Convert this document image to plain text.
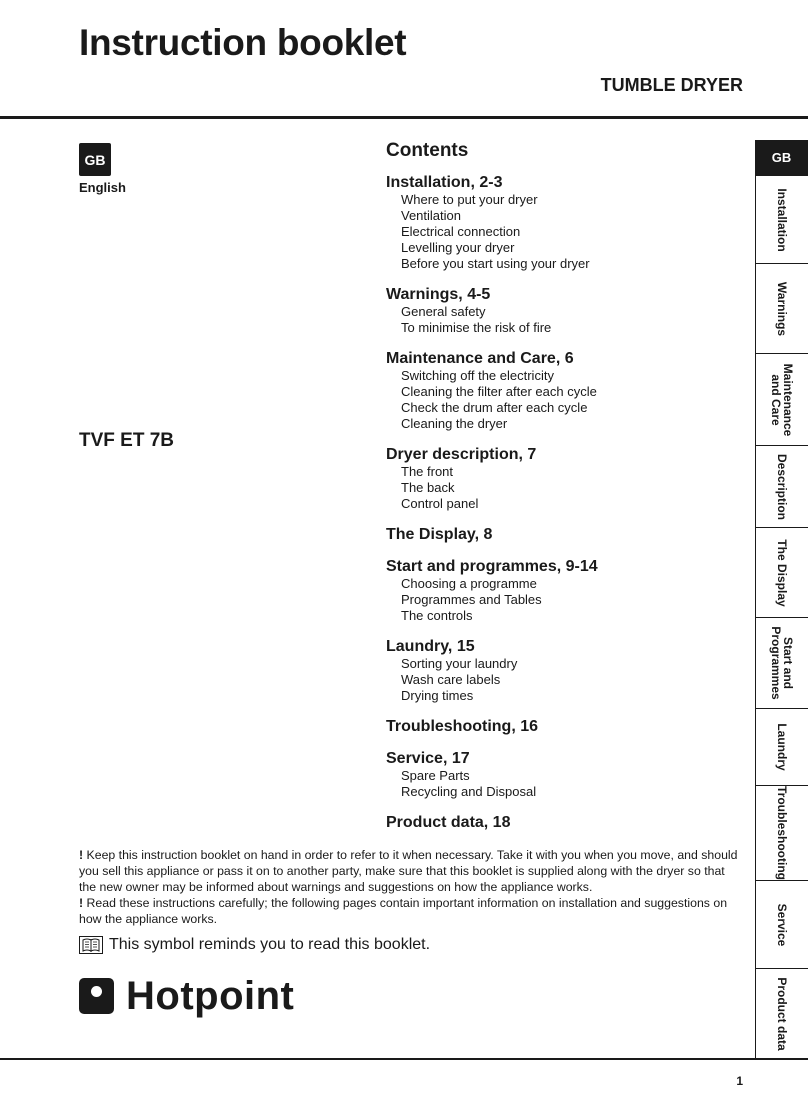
Instruction booklet
TUMBLE DRYER
GB
English
TVF ET 7B
Contents
Installation, 2-3
Where to put your dryer
Ventilation
Electrical connection
Levelling your dryer
Before you start using your dryer
Warnings, 4-5
General safety
To minimise the risk of fire
Maintenance and Care, 6
Switching off the electricity
Cleaning the filter after each cycle
Check the drum after each cycle
Cleaning the dryer
Dryer description, 7
The front
The back
Control panel
The Display, 8
Start and programmes, 9-14
Choosing a programme
Programmes and Tables
The controls
Laundry, 15
Sorting your laundry
Wash care labels
Drying times
Troubleshooting, 16
Service, 17
Spare Parts
Recycling and Disposal
Product data, 18

! Keep this instruction booklet on hand in order to refer to it when necessary. Take it with you when you move, and should you sell this appliance or pass it on to another party, make sure that this booklet is supplied along with the dryer so that the new owner may be informed about warnings and suggestions on how the appliance works.

! Read these instructions carefully; the following pages contain important information on installation and suggestions on how the appliance works.

This symbol reminds you to read this booklet.
Hotpoint
1
GB
Installation
Warnings
Maintenance
and Care
Description
The Display
Start and
Programmes
Laundry
Troubleshooting
Service
Product data
